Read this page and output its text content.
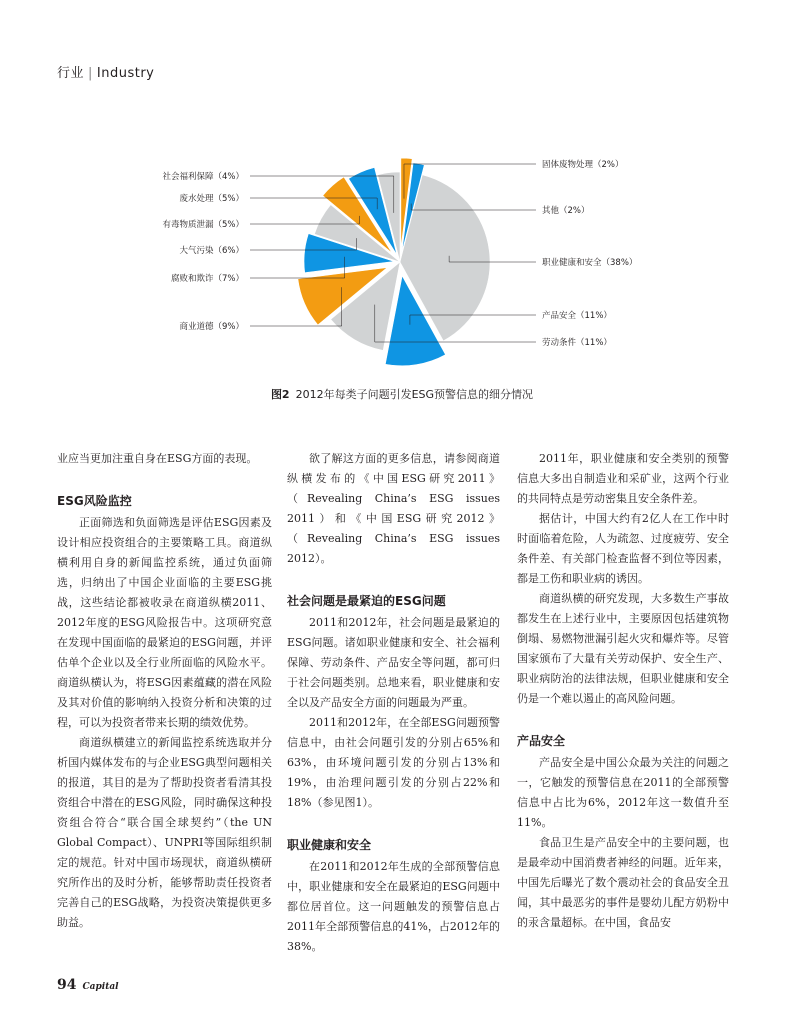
行业 | Industry
固体废物处理（2%）
其他（2%）
职业健康和安全（38%）
产品安全（11%）
劳动条件（11%）
商业道德（9%）
腐败和欺诈（7%）
大气污染（6%）
有毒物质泄漏（5%）
废水处理（5%）
社会福利保障（4%）
图2 2012年每类子问题引发ESG预警信息的细分情况

业应当更加注重自身在ESG方面的表现。

ESG风险监控

正面筛选和负面筛选是评估ESG因素及设计相应投资组合的主要策略工具。商道纵横利用自身的新闻监控系统，通过负面筛选，归纳出了中国企业面临的主要ESG挑战，这些结论都被收录在商道纵横2011、2012年度的ESG风险报告中。这项研究意在发现中国面临的最紧迫的ESG问题，并评估单个企业以及全行业所面临的风险水平。商道纵横认为，将ESG因素蕴藏的潜在风险及其对价值的影响纳入投资分析和决策的过程，可以为投资者带来长期的绩效优势。

商道纵横建立的新闻监控系统选取并分析国内媒体发布的与企业ESG典型问题相关的报道，其目的是为了帮助投资者看清其投资组合中潜在的ESG风险，同时确保这种投资组合符合“联合国全球契约”（the UN Global Compact）、UNPRI等国际组织制定的规范。针对中国市场现状，商道纵横研究所作出的及时分析，能够帮助责任投资者完善自己的ESG战略，为投资决策提供更多助益。

欲了解这方面的更多信息，请参阅商道纵横发布的《中国ESG研究2011》（Revealing China’s ESG issues 2011）和《中国ESG研究2012》（Revealing China’s ESG issues 2012）。

社会问题是最紧迫的ESG问题

2011和2012年，社会问题是最紧迫的ESG问题。诸如职业健康和安全、社会福利保障、劳动条件、产品安全等问题，都可归于社会问题类别。总地来看，职业健康和安全以及产品安全方面的问题最为严重。

2011和2012年，在全部ESG问题预警信息中，由社会问题引发的分别占65%和63%，由环境问题引发的分别占13%和19%，由治理问题引发的分别占22%和18%（参见图1）。

职业健康和安全

在2011和2012年生成的全部预警信息中，职业健康和安全在最紧迫的ESG问题中都位居首位。这一问题触发的预警信息占2011年全部预警信息的41%，占2012年的38%。

2011年，职业健康和安全类别的预警信息大多出自制造业和采矿业，这两个行业的共同特点是劳动密集且安全条件差。

据估计，中国大约有2亿人在工作中时时面临着危险，人为疏忽、过度疲劳、安全条件差、有关部门检查监督不到位等因素，都是工伤和职业病的诱因。

商道纵横的研究发现，大多数生产事故都发生在上述行业中，主要原因包括建筑物倒塌、易燃物泄漏引起火灾和爆炸等。尽管国家颁布了大量有关劳动保护、安全生产、职业病防治的法律法规，但职业健康和安全仍是一个难以遏止的高风险问题。

产品安全

产品安全是中国公众最为关注的问题之一，它触发的预警信息在2011的全部预警信息中占比为6%，2012年这一数值升至11%。

食品卫生是产品安全中的主要问题，也是最牵动中国消费者神经的问题。近年来，中国先后曝光了数个震动社会的食品安全丑闻，其中最恶劣的事件是婴幼儿配方奶粉中的汞含量超标。在中国，食品安

94 Capital
